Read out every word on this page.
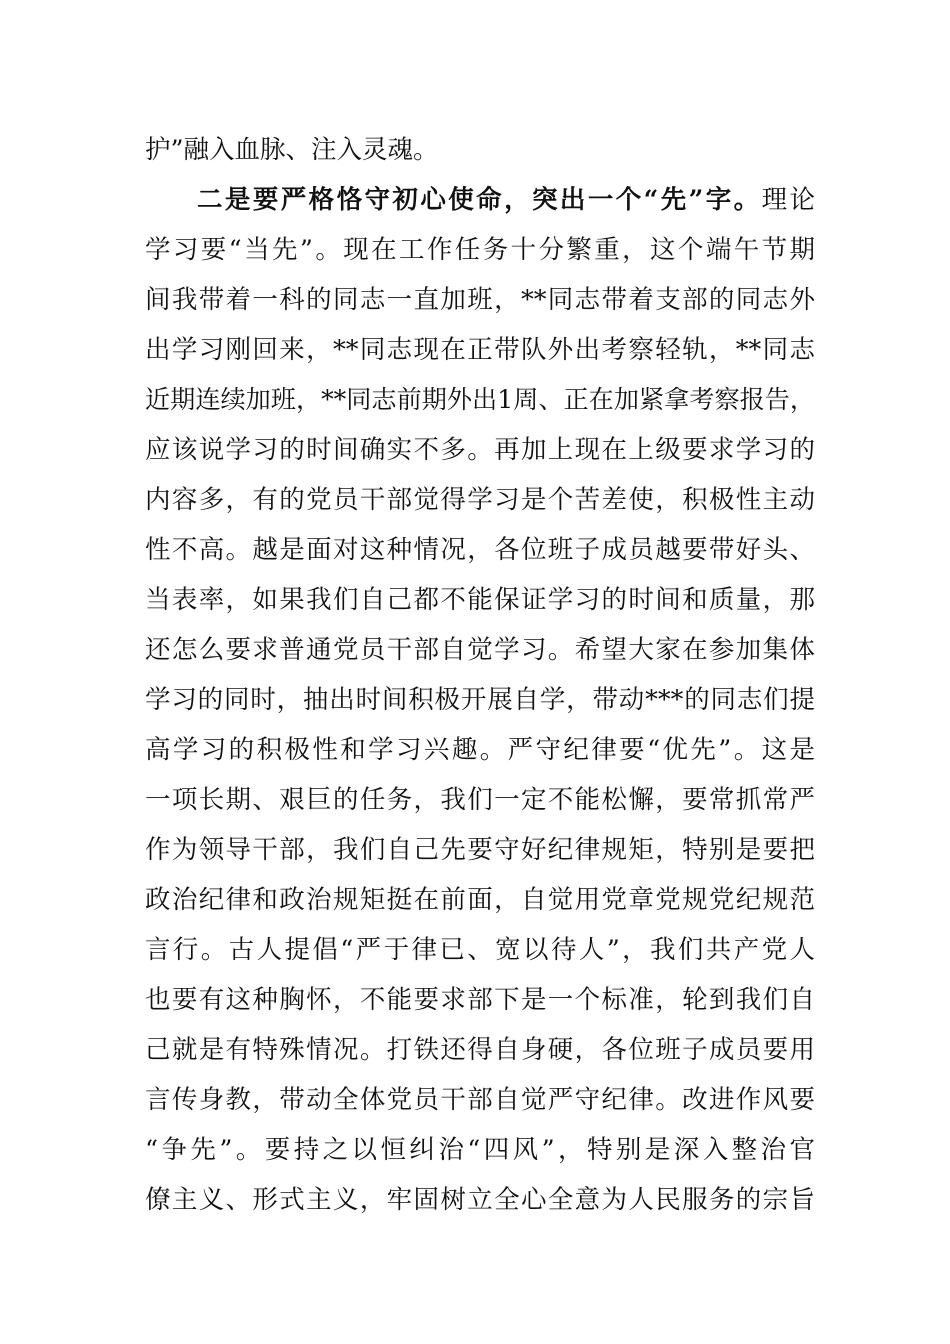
护”融入血脉、注入灵魂。
二是要严格恪守初心使命，突出一个“先”字。理论
学习要“当先”。现在工作任务十分繁重，这个端午节期
间我带着一科的同志一直加班，**同志带着支部的同志外
出学习刚回来，**同志现在正带队外出考察轻轨，**同志
近期连续加班，**同志前期外出1周、正在加紧拿考察报告，
应该说学习的时间确实不多。再加上现在上级要求学习的
内容多，有的党员干部觉得学习是个苦差使，积极性主动
性不高。越是面对这种情况，各位班子成员越要带好头、
当表率，如果我们自己都不能保证学习的时间和质量，那
还怎么要求普通党员干部自觉学习。希望大家在参加集体
学习的同时，抽出时间积极开展自学，带动***的同志们提
高学习的积极性和学习兴趣。严守纪律要“优先”。这是
一项长期、艰巨的任务，我们一定不能松懈，要常抓常严
作为领导干部，我们自己先要守好纪律规矩，特别是要把
政治纪律和政治规矩挺在前面，自觉用党章党规党纪规范
言行。古人提倡“严于律已、宽以待人”，我们共产党人
也要有这种胸怀，不能要求部下是一个标准，轮到我们自
己就是有特殊情况。打铁还得自身硬，各位班子成员要用
言传身教，带动全体党员干部自觉严守纪律。改进作风要
“争先”。要持之以恒纠治“四风”，特别是深入整治官
僚主义、形式主义，牢固树立全心全意为人民服务的宗旨
